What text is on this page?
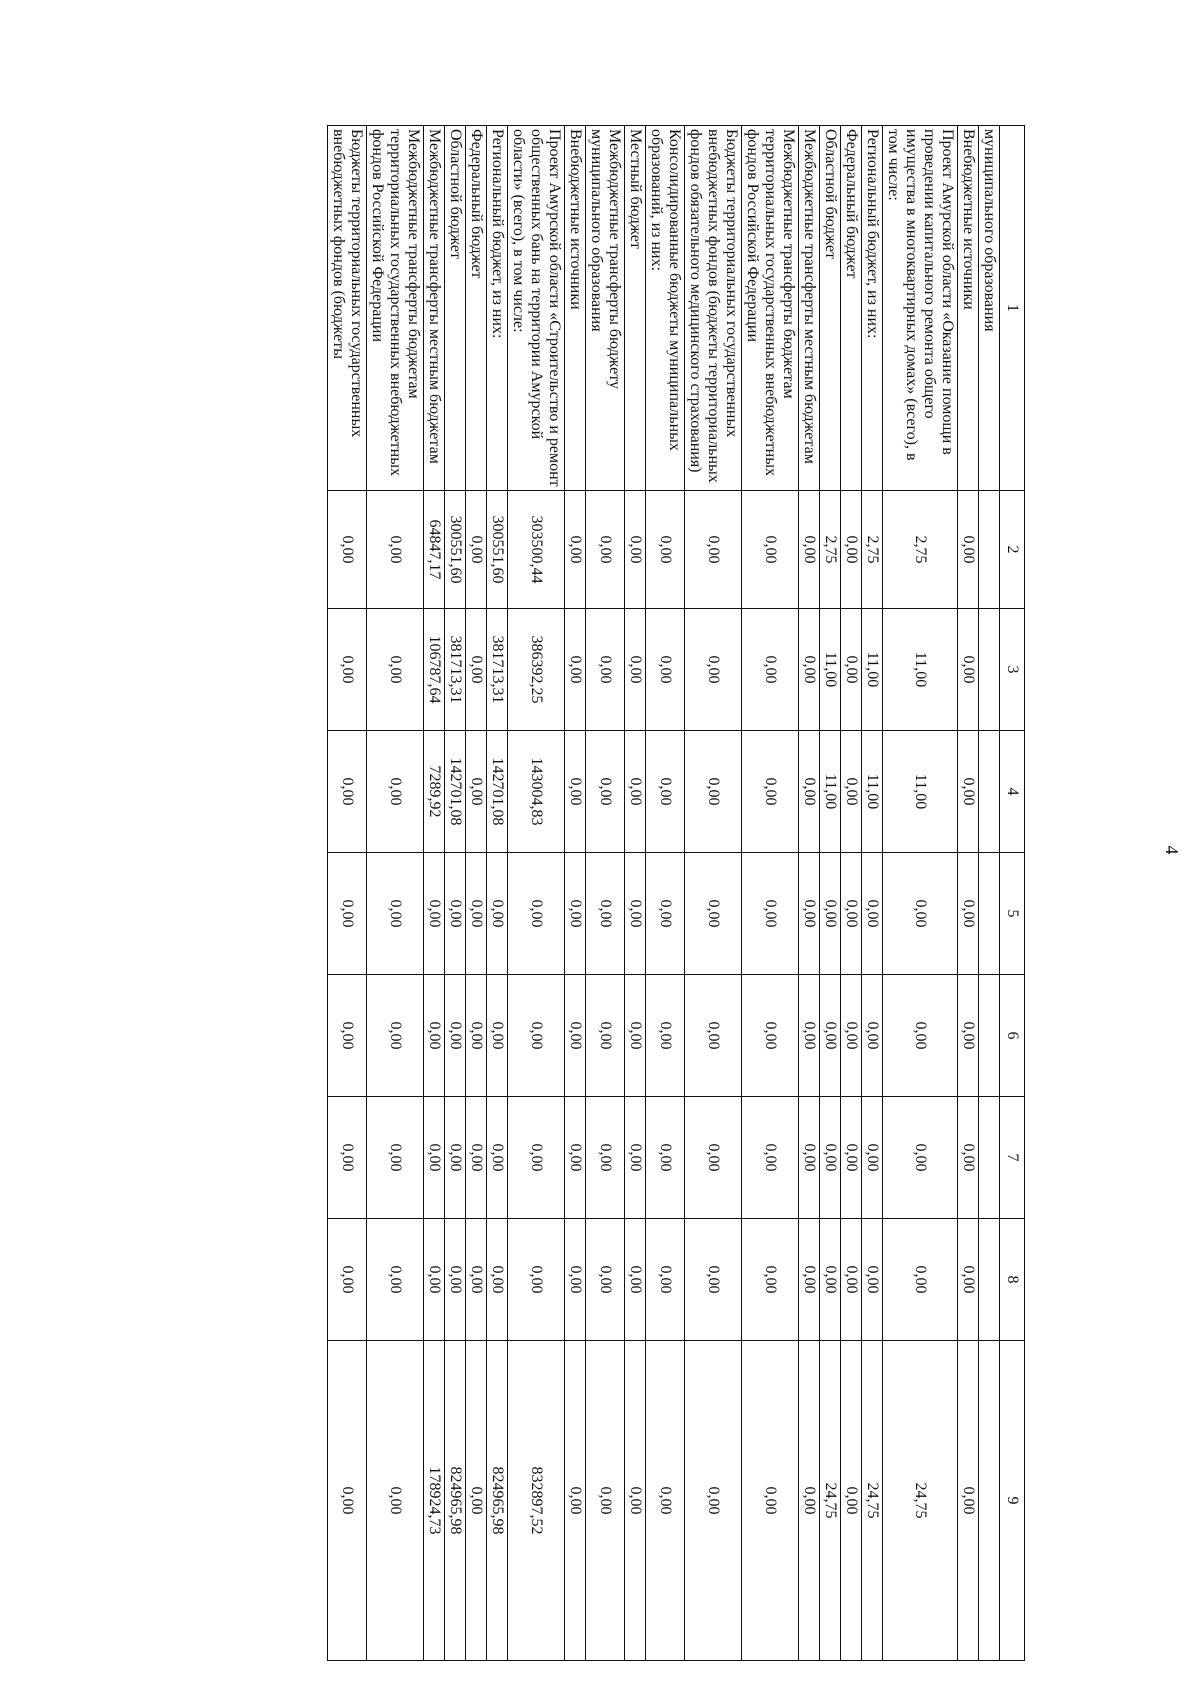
4
1	2	3	4	5	6	7	8	9
муниципального образования								
Внебюджетные источники	0,00	0,00	0,00	0,00	0,00	0,00	0,00	0,00
Проект Амурской области «Оказание помощи в проведении капитального ремонта общего имущества в многоквартирных домах» (всего), в том числе:	2,75	11,00	11,00	0,00	0,00	0,00	0,00	24,75
Региональный бюджет, из них:	2,75	11,00	11,00	0,00	0,00	0,00	0,00	24,75
Федеральный бюджет	0,00	0,00	0,00	0,00	0,00	0,00	0,00	0,00
Областной бюджет	2,75	11,00	11,00	0,00	0,00	0,00	0,00	24,75
Межбюджетные трансферты местным бюджетам	0,00	0,00	0,00	0,00	0,00	0,00	0,00	0,00
Межбюджетные трансферты бюджетам территориальных государственных внебюджетных фондов Российской Федерации	0,00	0,00	0,00	0,00	0,00	0,00	0,00	0,00
Бюджеты территориальных государственных внебюджетных фондов (бюджеты территориальных фондов обязательного медицинского страхования)	0,00	0,00	0,00	0,00	0,00	0,00	0,00	0,00
Консолидированные бюджеты муниципальных образований, из них:	0,00	0,00	0,00	0,00	0,00	0,00	0,00	0,00
Местный бюджет	0,00	0,00	0,00	0,00	0,00	0,00	0,00	0,00
Межбюджетные трансферты бюджету муниципального образования	0,00	0,00	0,00	0,00	0,00	0,00	0,00	0,00
Внебюджетные источники	0,00	0,00	0,00	0,00	0,00	0,00	0,00	0,00
Проект Амурской области «Строительство и ремонт общественных бань на территории Амурской области» (всего), в том числе:	303500,44	386392,25	143004,83	0,00	0,00	0,00	0,00	832897,52
Региональный бюджет, из них:	300551,60	381713,31	142701,08	0,00	0,00	0,00	0,00	824965,98
Федеральный бюджет	0,00	0,00	0,00	0,00	0,00	0,00	0,00	0,00
Областной бюджет	300551,60	381713,31	142701,08	0,00	0,00	0,00	0,00	824965,98
Межбюджетные трансферты местным бюджетам	64847,17	106787,64	7289,92	0,00	0,00	0,00	0,00	178924,73
Межбюджетные трансферты бюджетам территориальных государственных внебюджетных фондов Российской Федерации	0,00	0,00	0,00	0,00	0,00	0,00	0,00	0,00
Бюджеты территориальных государственных внебюджетных фондов (бюджеты	0,00	0,00	0,00	0,00	0,00	0,00	0,00	0,00
